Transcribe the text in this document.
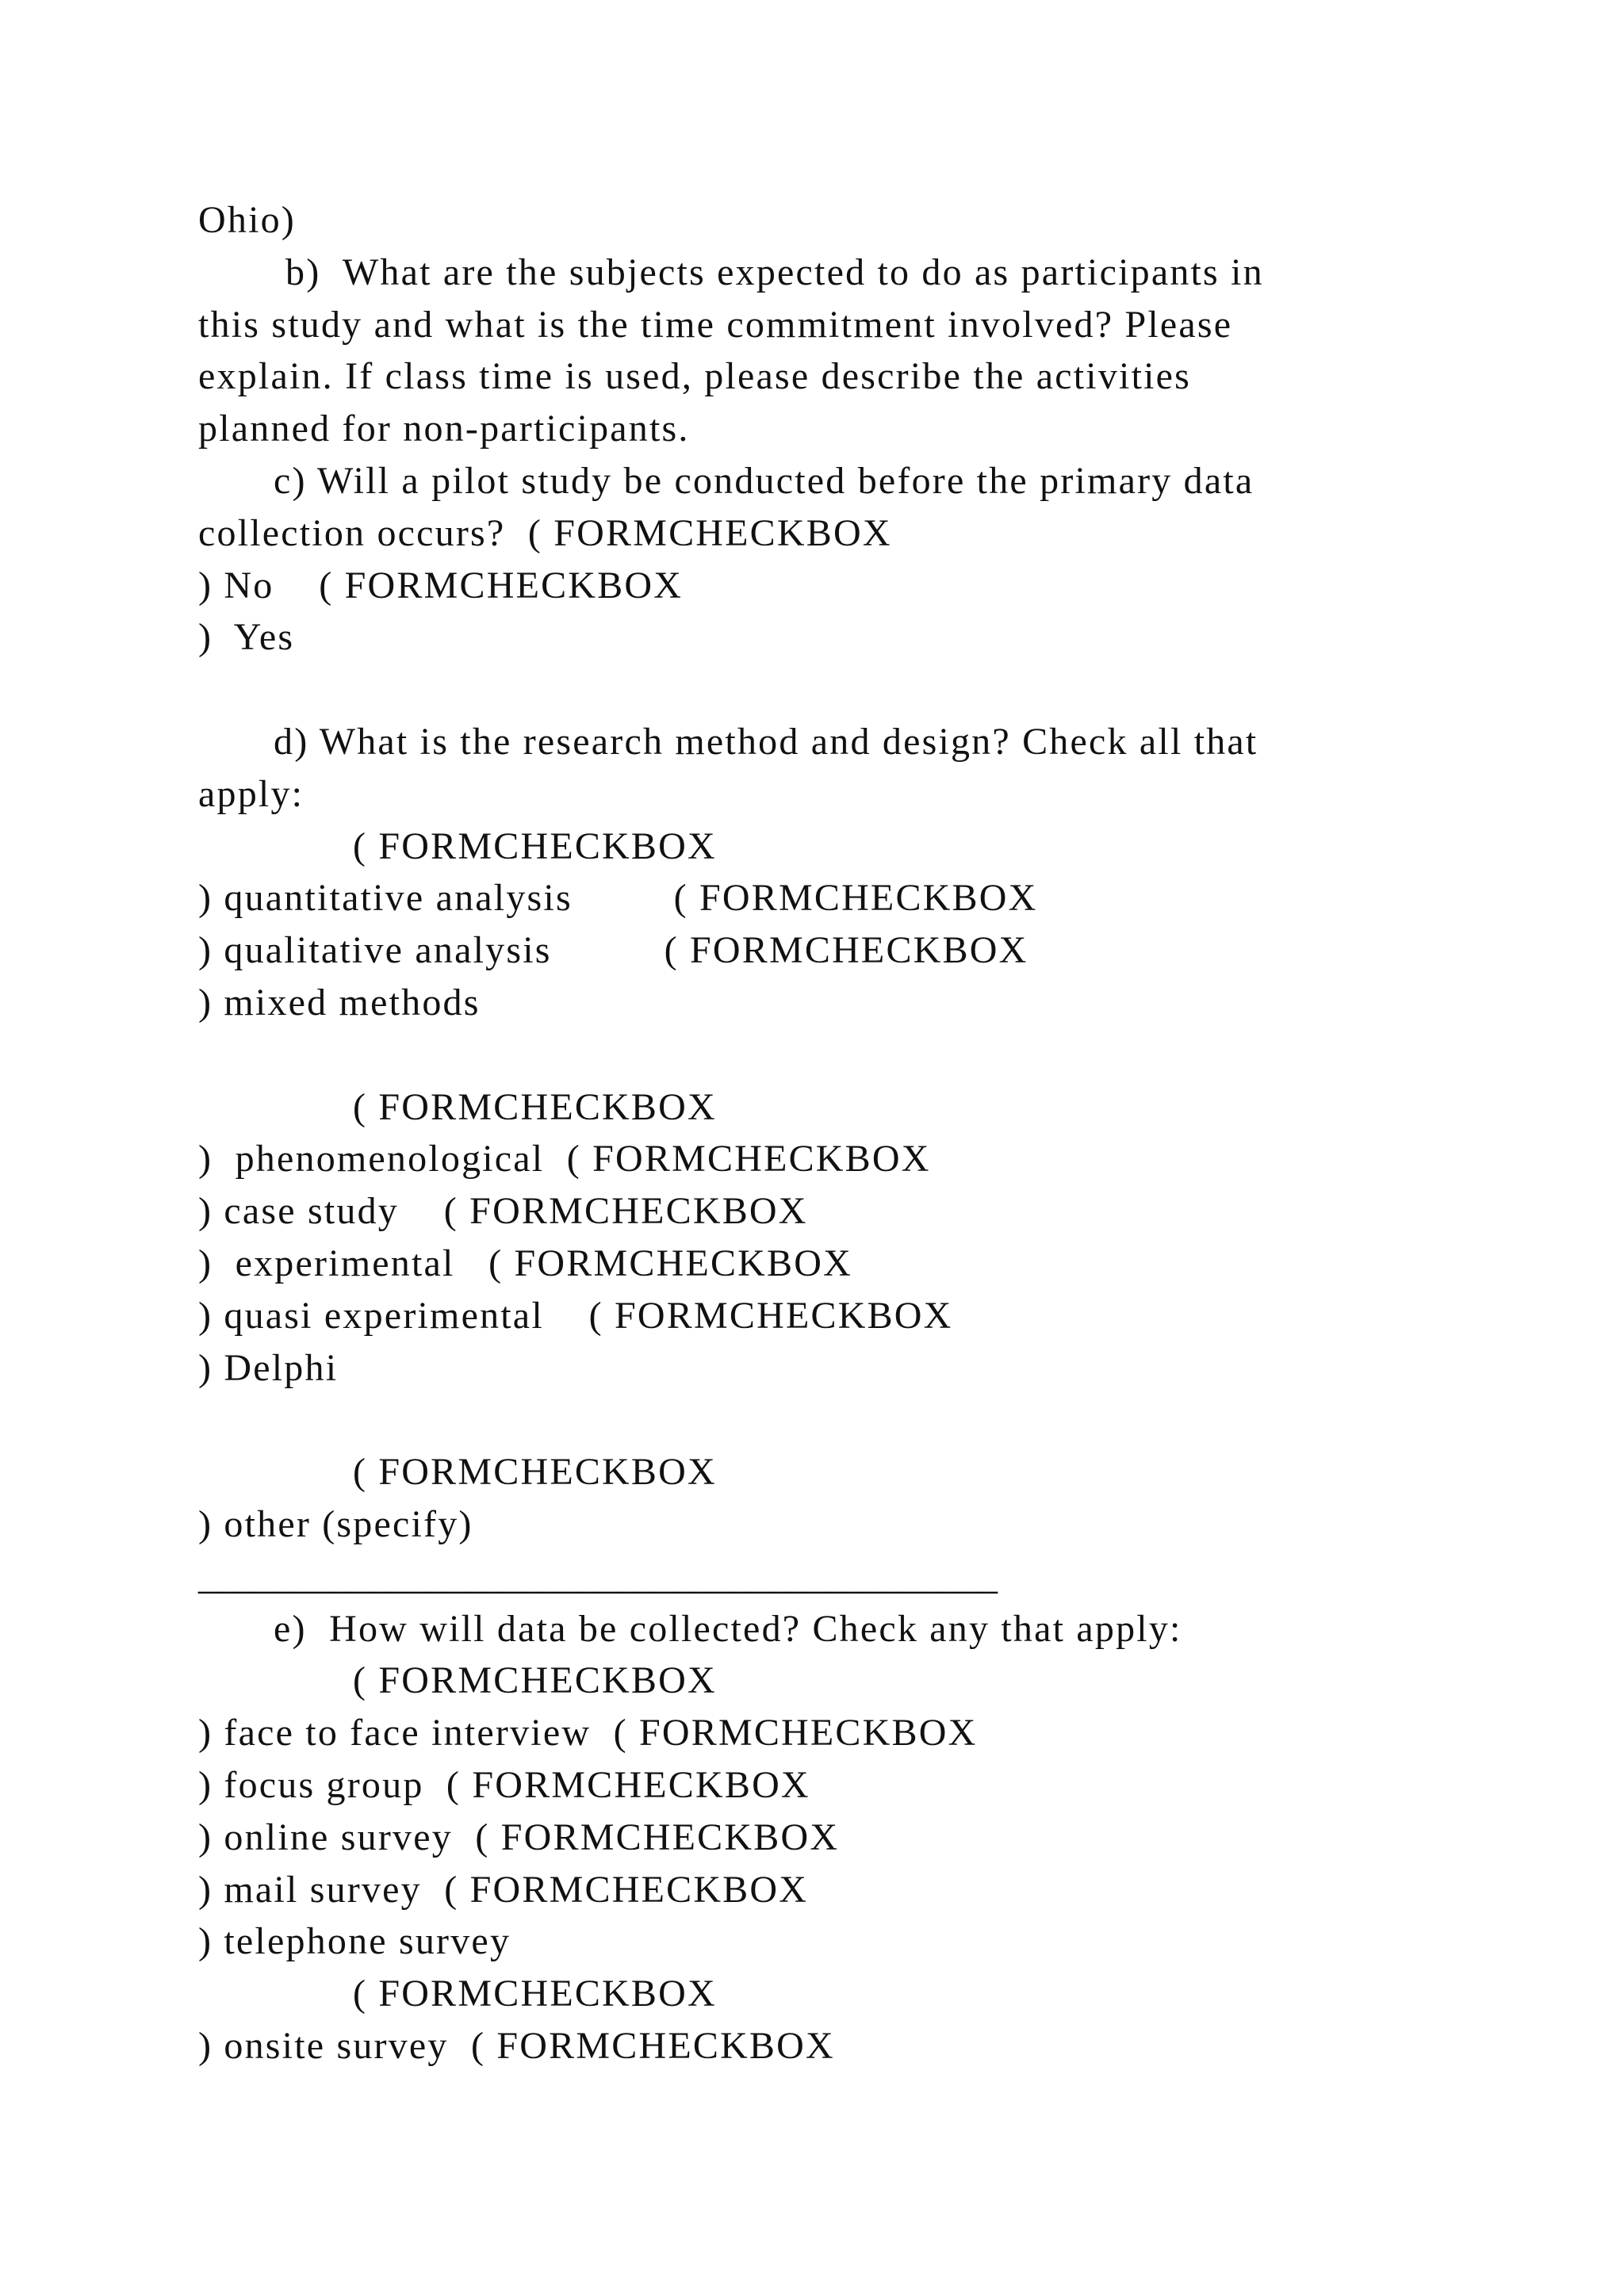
Ohio)
b)  What are the subjects expected to do as participants in
this study and what is the time commitment involved? Please
explain. If class time is used, please describe the activities
planned for non-participants.
c) Will a pilot study be conducted before the primary data
collection occurs?  ( FORMCHECKBOX
) No    ( FORMCHECKBOX
)  Yes
d) What is the research method and design? Check all that
apply:
( FORMCHECKBOX
) quantitative analysis         ( FORMCHECKBOX
) qualitative analysis          ( FORMCHECKBOX
) mixed methods
( FORMCHECKBOX
)  phenomenological  ( FORMCHECKBOX
) case study    ( FORMCHECKBOX
)  experimental   ( FORMCHECKBOX
) quasi experimental    ( FORMCHECKBOX
) Delphi
( FORMCHECKBOX
) other (specify)
__________________________________________
e)  How will data be collected? Check any that apply:
( FORMCHECKBOX
) face to face interview  ( FORMCHECKBOX
) focus group  ( FORMCHECKBOX
) online survey  ( FORMCHECKBOX
) mail survey  ( FORMCHECKBOX
) telephone survey
( FORMCHECKBOX
) onsite survey  ( FORMCHECKBOX
